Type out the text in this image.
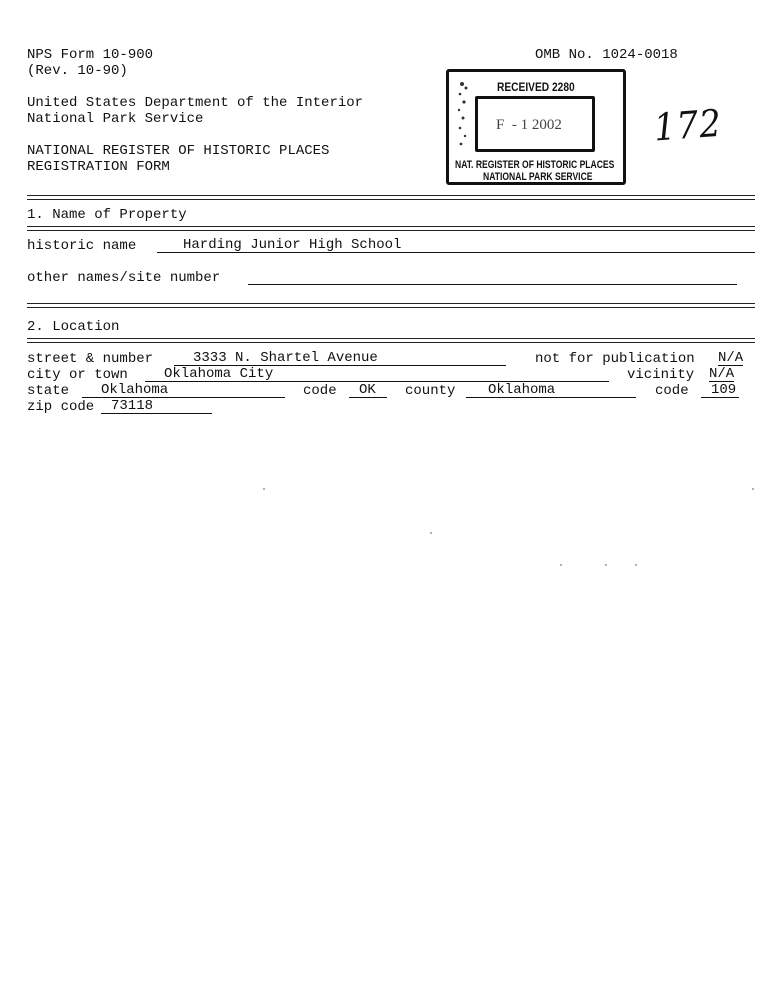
NPS Form 10-900
(Rev. 10-90)
OMB No. 1024-0018
United States Department of the Interior
National Park Service
NATIONAL REGISTER OF HISTORIC PLACES
REGISTRATION FORM
RECEIVED 2280
F  - 1 2002
NAT. REGISTER OF HISTORIC PLACES
NATIONAL PARK SERVICE
172
1. Name of Property
historic name	Harding Junior High School
other names/site number
2. Location
street & number	3333 N. Shartel Avenue	not for publication N/A
city or town	Oklahoma City	vicinity N/A
state	Oklahoma	code	OK	county	Oklahoma	code	109
zip code	73118
